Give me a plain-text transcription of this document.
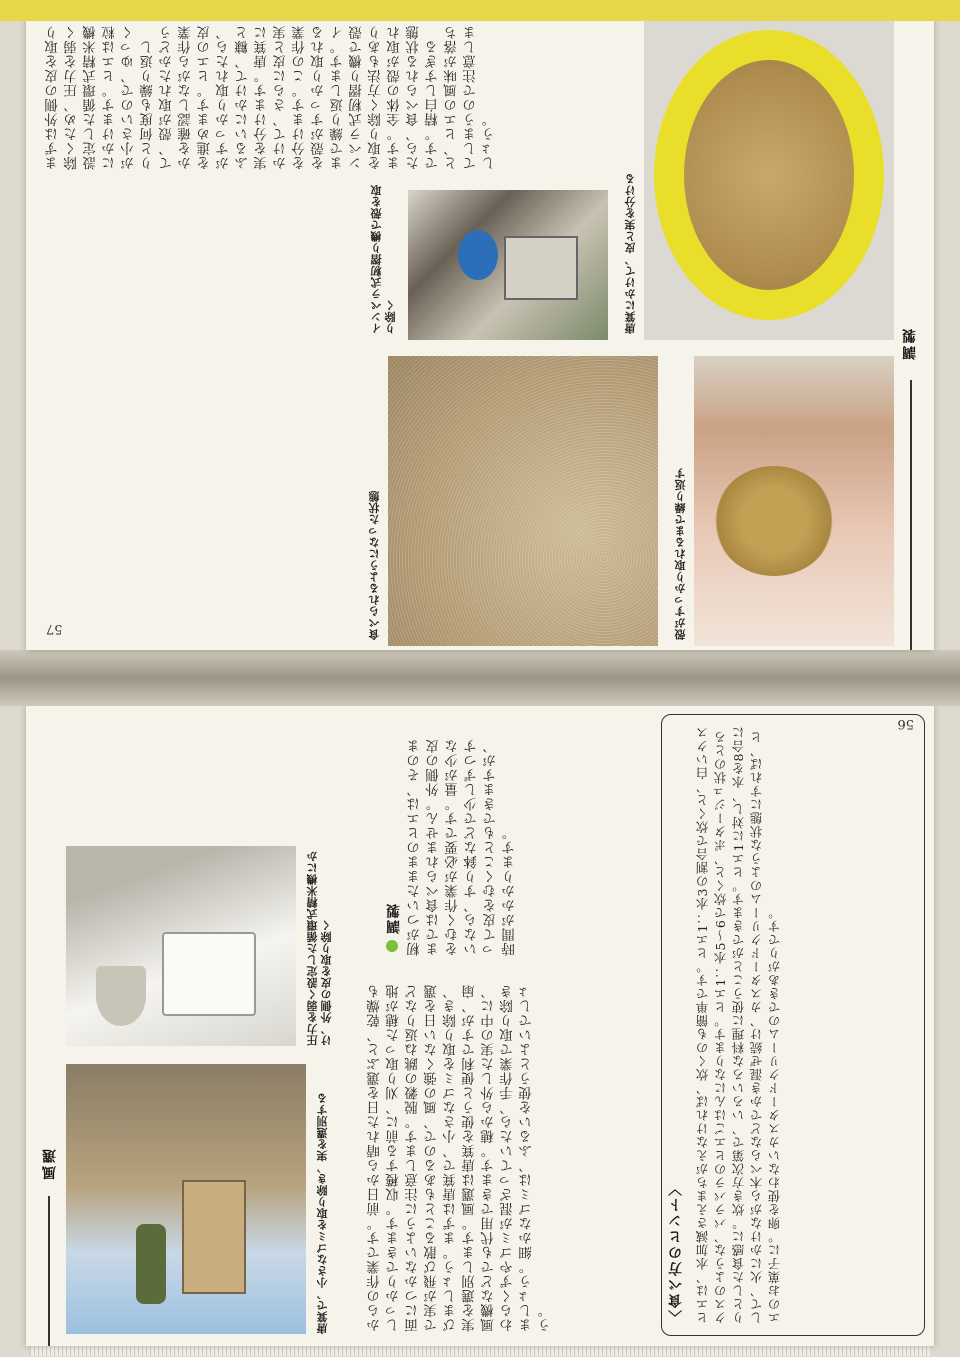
風選	唐箕で、小さなゴミを取り除き、実を選別する
圧力を弱く設定した循環式精米機にかけ、外側の皮を取り除く
からの作業です。前日から晴れた日を選ぶと、乾燥もしっかりできます。収穫する前に、刈り取った穂が地面につかないように注意します。脱穀の跳ね返りなどで実が飛び散ることもあるので、風の強くない日を選びましょう。まずは唐箕で、小さなゴミを取り除き、実を選別します。風選は唐箕を使うと便利ですが、扇風機などでも代用できます。穂から外した実の中に、わらくずやゴミが混ざっていたら、手作業で取り除きましょう。細かなゴミは、ふるいを使うとよいでしょう。
調製 籾がついたままのヒエは、そのままでは食べられません。外側の皮をむく作業が必要です。量が少ないなら、すり鉢などで少しずつすって皮をむくこともできますが、時間がかかります。
〈食べ方のヒント〉 ヒエは、水加減さえまちがえなければ、炊くのも簡単です。ヒエ1：水3の割合で炊くと、白いクスクスのような、パラパラのヒエごはんになります。ヒエ1：水5〜6で炊くと、ポタージュ状のとろりとした食感に。炊き方次第で、いろいろな料理に使うことができます。ヒエ1に対し、水を8合にして、火にかけながら木べらなどでかき混ぜ続け、カスタードクリームのような状態にすれば、ヒエのお菓子に。卵を使わないカスタードクリームのできあがりです。
56
調製
殻がすっかり取れるまで繰り返す
唐箕にかけて、皮と実を分ける
食べられるようになった状態
インペラ式籾摺り機で殻を取り除く
まずは外側の皮を取り除くため、圧力を弱く設定した循環式精米機にかけます。ヒエは粒が小さいので、ゆっくりと何度も繰り返して、殻が取れたかどうかを確認しながら作業を進めます。ヒエの皮がすっかり取れたら、ふるいにかけて、糠と実を分けます。唐箕にかけて、さらに皮と実を分けます。この作業を殻がすっかり取れるまで繰り返します。インペラ式籾摺り機で殻を取り除く方法もあります。全体の殻が取れたら、食べられる状態です。精白しすぎると、ヒエの風味が落ちてしまうので注意しましょう。
57
